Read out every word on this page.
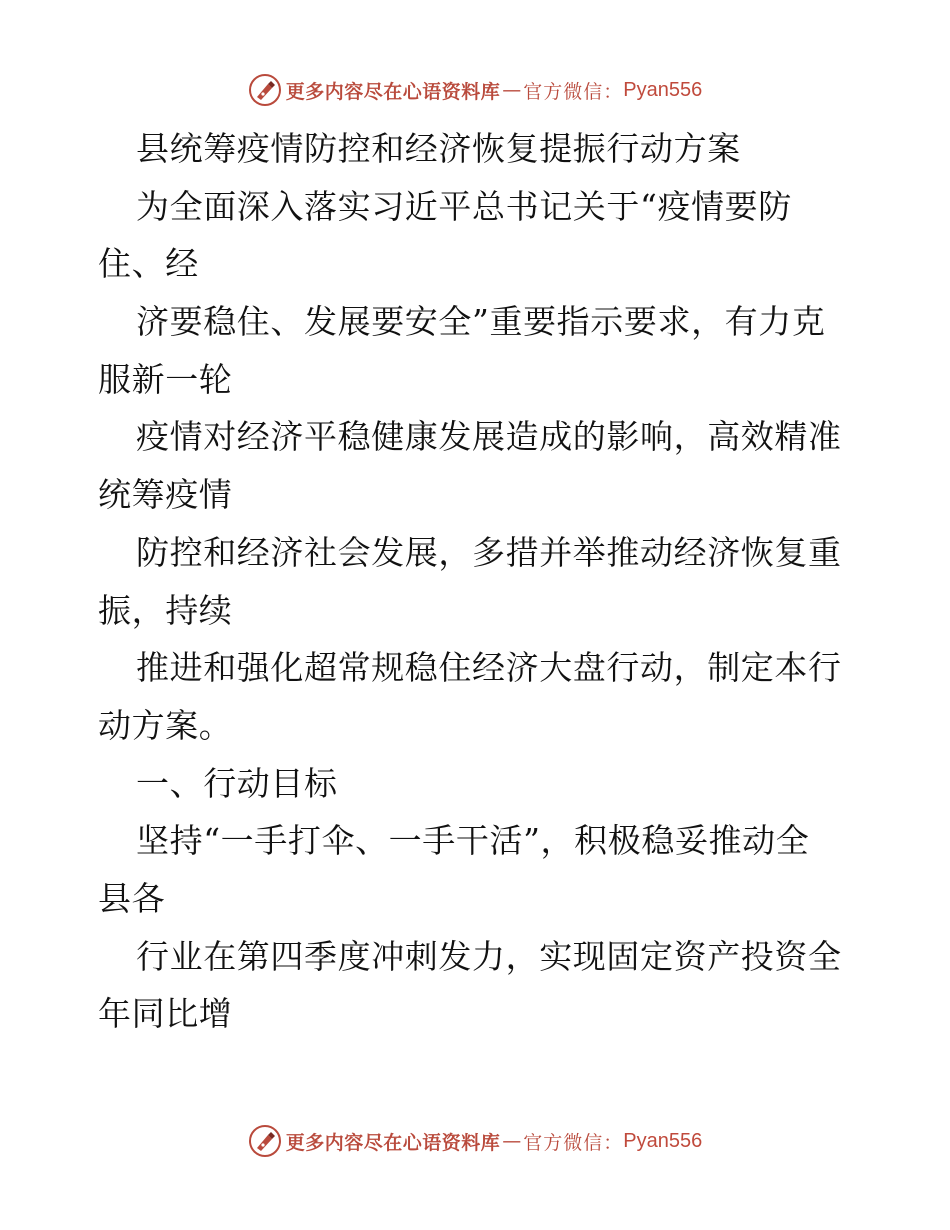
更多内容尽在心语资料库 — 官方微信： Pyan556
县统筹疫情防控和经济恢复提振行动方案
为全面深入落实习近平总书记关于“疫情要防
住、经
济要稳住、发展要安全”重要指示要求，有力克
服新一轮
疫情对经济平稳健康发展造成的影响，高效精准
统筹疫情
防控和经济社会发展，多措并举推动经济恢复重
振，持续
推进和强化超常规稳住经济大盘行动，制定本行
动方案。
一、行动目标
坚持“一手打伞、一手干活”，积极稳妥推动全
县各
行业在第四季度冲刺发力，实现固定资产投资全
年同比增
更多内容尽在心语资料库 — 官方微信： Pyan556
